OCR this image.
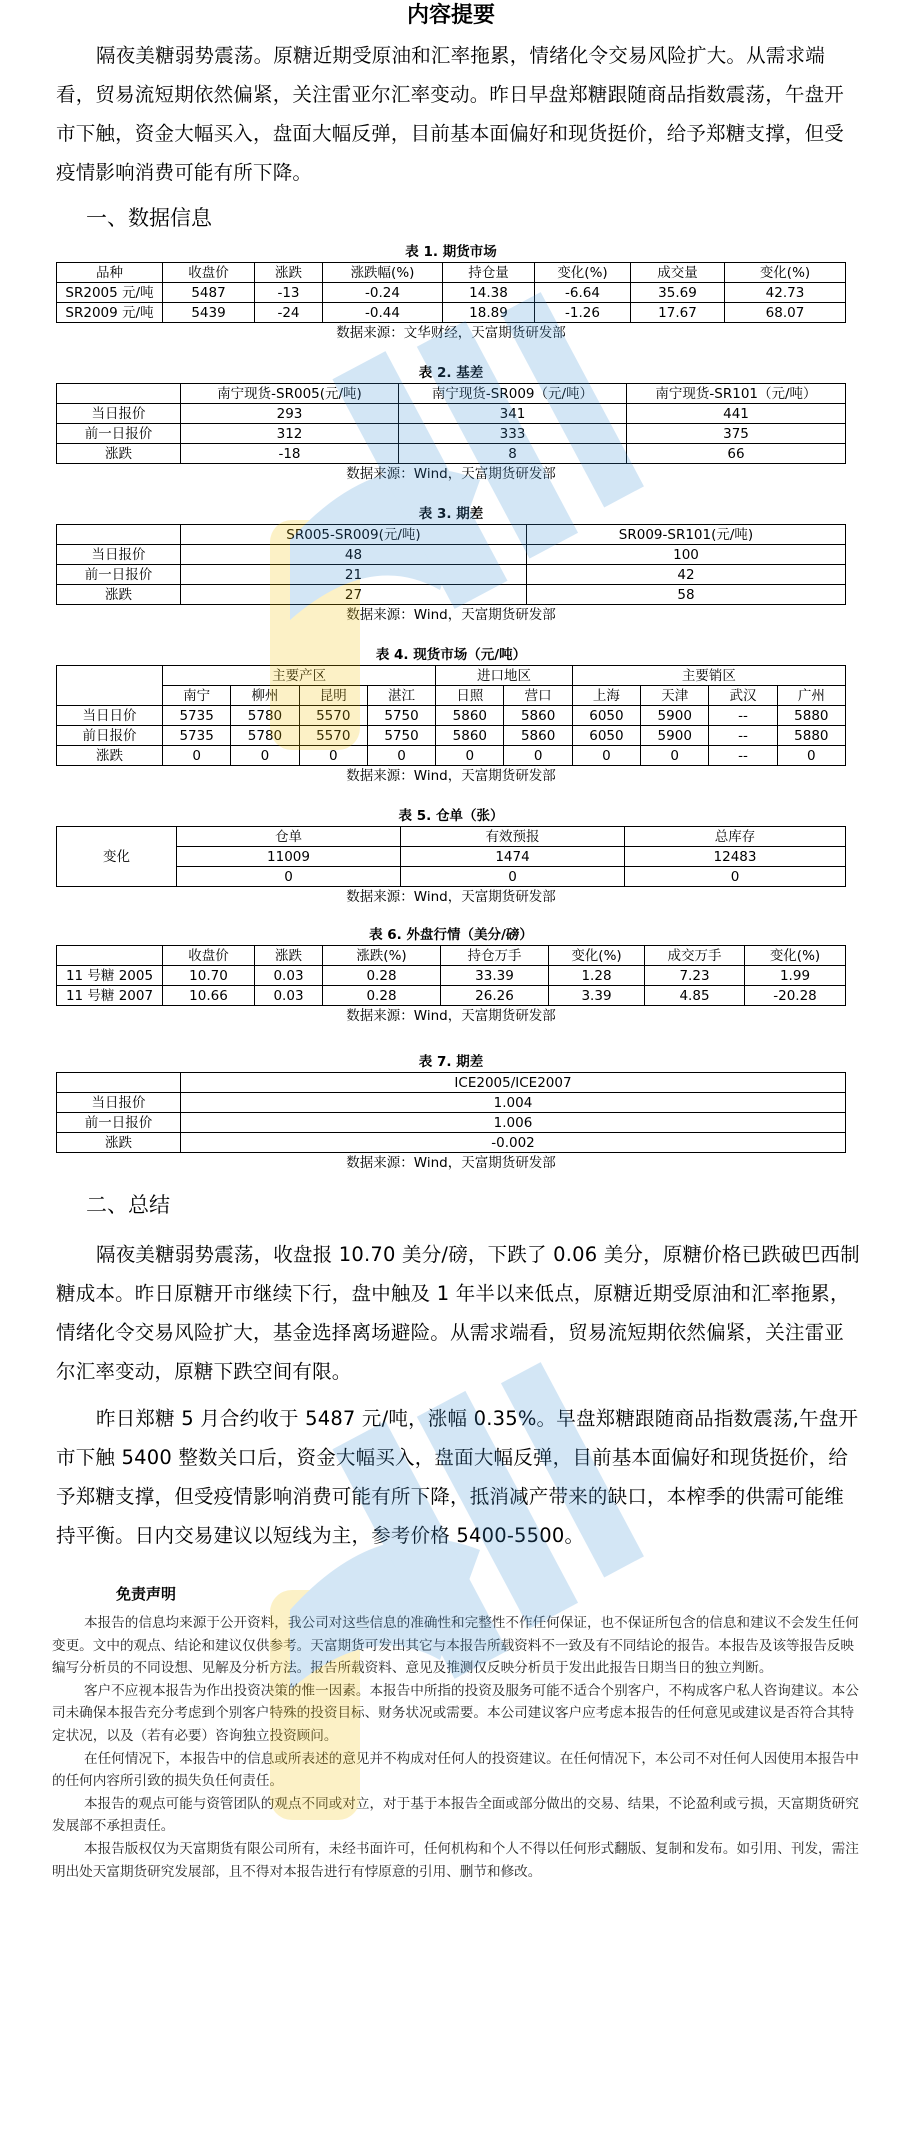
内容提要

隔夜美糖弱势震荡。原糖近期受原油和汇率拖累，情绪化令交易风险扩大。从需求端看，贸易流短期依然偏紧，关注雷亚尔汇率变动。昨日早盘郑糖跟随商品指数震荡，午盘开市下触，资金大幅买入，盘面大幅反弹，目前基本面偏好和现货挺价，给予郑糖支撑，但受疫情影响消费可能有所下降。

一、数据信息
表 1. 期货市场
品种	收盘价	涨跌	涨跌幅(%)	持仓量	变化(%)	成交量	变化(%)
SR2005 元/吨	5487	-13	-0.24	14.38	-6.64	35.69	42.73
SR2009 元/吨	5439	-24	-0.44	18.89	-1.26	17.67	68.07
数据来源：文华财经，天富期货研发部
表 2. 基差
	南宁现货-SR005(元/吨)	南宁现货-SR009（元/吨）	南宁现货-SR101（元/吨）
当日报价	293	341	441
前一日报价	312	333	375
涨跌	-18	8	66
数据来源：Wind，天富期货研发部
表 3. 期差
	SR005-SR009(元/吨)	SR009-SR101(元/吨)
当日报价	48	100
前一日报价	21	42
涨跌	27	58
数据来源：Wind，天富期货研发部
表 4. 现货市场（元/吨）
	主要产区				进口地区		主要销区			
	南宁	柳州	昆明	湛江	日照	营口	上海	天津	武汉	广州
当日日价	5735	5780	5570	5750	5860	5860	6050	5900	--	5880
前日报价	5735	5780	5570	5750	5860	5860	6050	5900	--	5880
涨跌	0	0	0	0	0	0	0	0	--	0
数据来源：Wind，天富期货研发部
表 5. 仓单（张）
变化	仓单	有效预报	总库存
	11009	1474	12483
	0	0	0
数据来源：Wind，天富期货研发部
表 6. 外盘行情（美分/磅）
	收盘价	涨跌	涨跌(%)	持仓万手	变化(%)	成交万手	变化(%)
11 号糖 2005	10.70	0.03	0.28	33.39	1.28	7.23	1.99
11 号糖 2007	10.66	0.03	0.28	26.26	3.39	4.85	-20.28
数据来源：Wind，天富期货研发部
表 7. 期差
	ICE2005/ICE2007
当日报价	1.004
前一日报价	1.006
涨跌	-0.002
数据来源：Wind，天富期货研发部
二、总结

隔夜美糖弱势震荡，收盘报 10.70 美分/磅，下跌了 0.06 美分，原糖价格已跌破巴西制糖成本。昨日原糖开市继续下行，盘中触及 1 年半以来低点，原糖近期受原油和汇率拖累，情绪化令交易风险扩大，基金选择离场避险。从需求端看，贸易流短期依然偏紧，关注雷亚尔汇率变动，原糖下跌空间有限。

昨日郑糖 5 月合约收于 5487 元/吨，涨幅 0.35%。早盘郑糖跟随商品指数震荡,午盘开市下触 5400 整数关口后，资金大幅买入，盘面大幅反弹，目前基本面偏好和现货挺价，给予郑糖支撑，但受疫情影响消费可能有所下降，抵消减产带来的缺口，本榨季的供需可能维持平衡。日内交易建议以短线为主，参考价格 5400-5500。

免责声明

本报告的信息均来源于公开资料，我公司对这些信息的准确性和完整性不作任何保证，也不保证所包含的信息和建议不会发生任何变更。文中的观点、结论和建议仅供参考。天富期货可发出其它与本报告所载资料不一致及有不同结论的报告。本报告及该等报告反映编写分析员的不同设想、见解及分析方法。报告所载资料、意见及推测仅反映分析员于发出此报告日期当日的独立判断。

客户不应视本报告为作出投资决策的惟一因素。本报告中所指的投资及服务可能不适合个别客户，不构成客户私人咨询建议。本公司未确保本报告充分考虑到个别客户特殊的投资目标、财务状况或需要。本公司建议客户应考虑本报告的任何意见或建议是否符合其特定状况，以及（若有必要）咨询独立投资顾问。

在任何情况下，本报告中的信息或所表述的意见并不构成对任何人的投资建议。在任何情况下，本公司不对任何人因使用本报告中的任何内容所引致的损失负任何责任。

本报告的观点可能与资管团队的观点不同或对立，对于基于本报告全面或部分做出的交易、结果，不论盈利或亏损，天富期货研究发展部不承担责任。

本报告版权仅为天富期货有限公司所有，未经书面许可，任何机构和个人不得以任何形式翻版、复制和发布。如引用、刊发，需注明出处天富期货研究发展部，且不得对本报告进行有悖原意的引用、删节和修改。
